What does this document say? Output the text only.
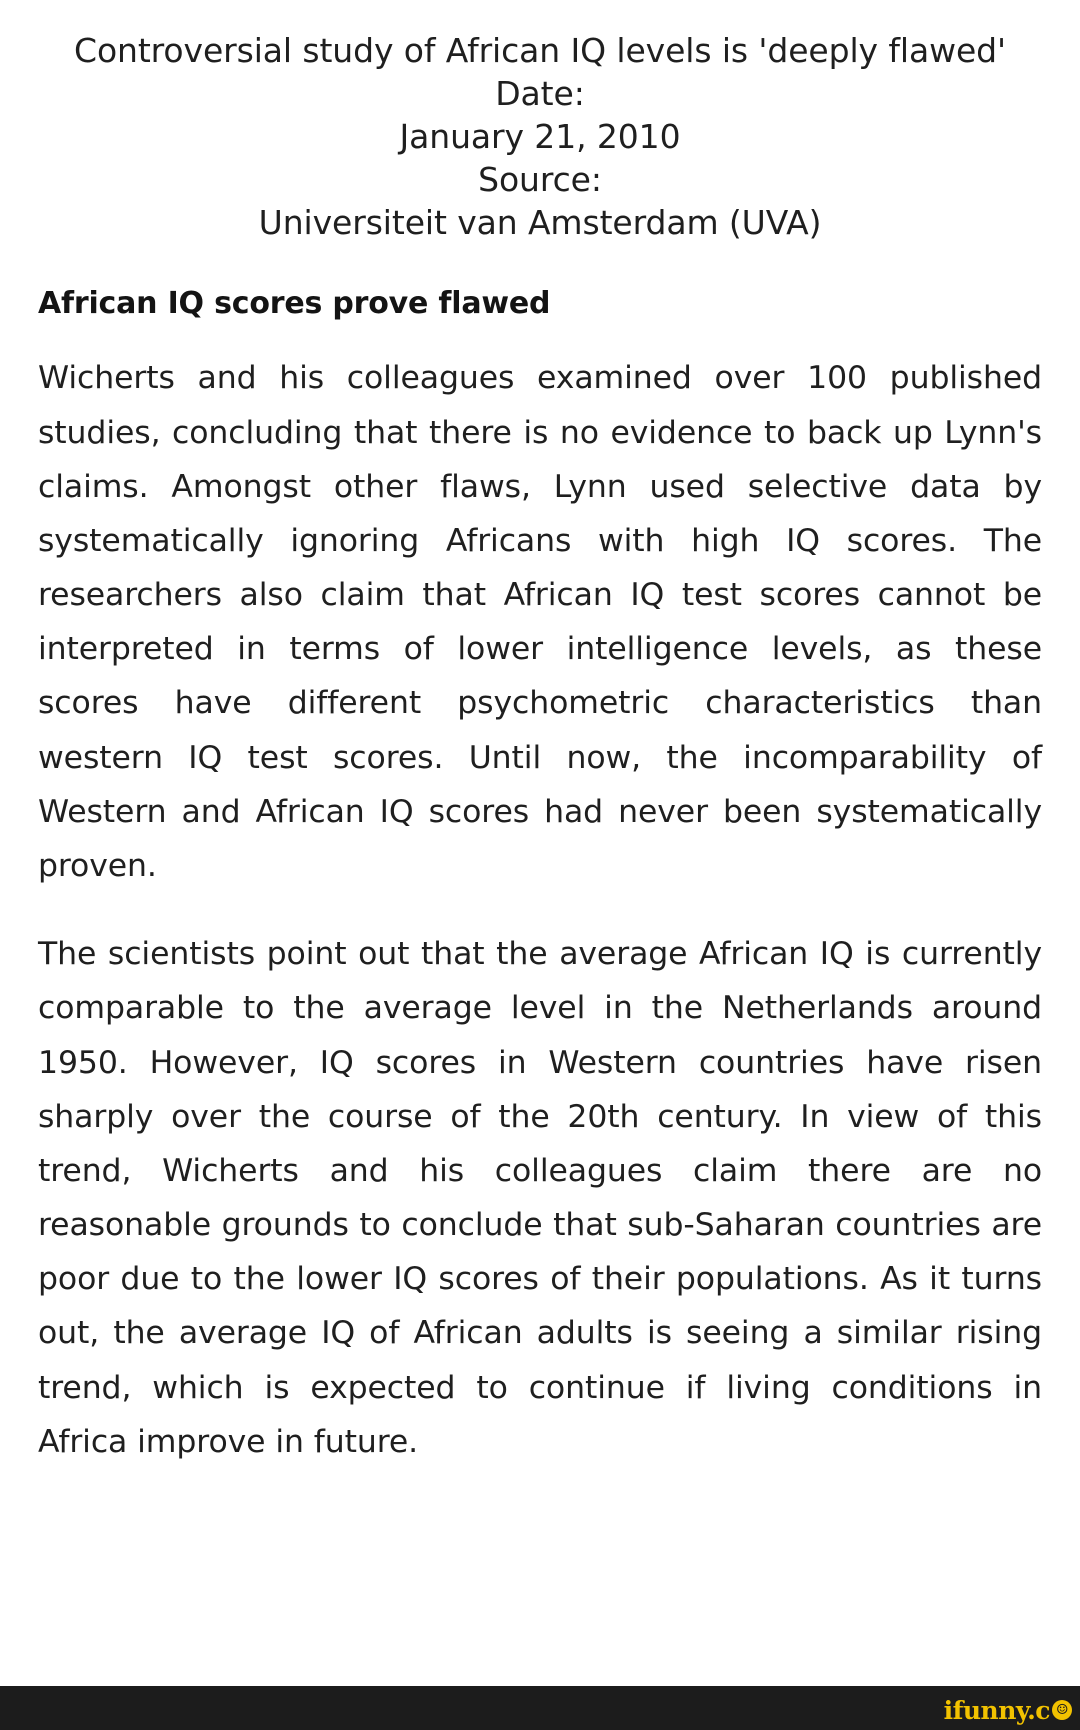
Controversial study of African IQ levels is 'deeply flawed'
Date:
January 21, 2010
Source:
Universiteit van Amsterdam (UVA)
African IQ scores prove flawed

Wicherts and his colleagues examined over 100 published studies, concluding that there is no evidence to back up Lynn's claims. Amongst other flaws, Lynn used selective data by systematically ignoring Africans with high IQ scores. The researchers also claim that African IQ test scores cannot be interpreted in terms of lower intelligence levels, as these scores have different psychometric characteristics than western IQ test scores. Until now, the incomparability of Western and African IQ scores had never been systematically proven.

The scientists point out that the average African IQ is currently comparable to the average level in the Netherlands around 1950. However, IQ scores in Western countries have risen sharply over the course of the 20th century. In view of this trend, Wicherts and his colleagues claim there are no reasonable grounds to conclude that sub-Saharan countries are poor due to the lower IQ scores of their populations. As it turns out, the average IQ of African adults is seeing a similar rising trend, which is expected to continue if living conditions in Africa improve in future.

ifunny.c ☺
